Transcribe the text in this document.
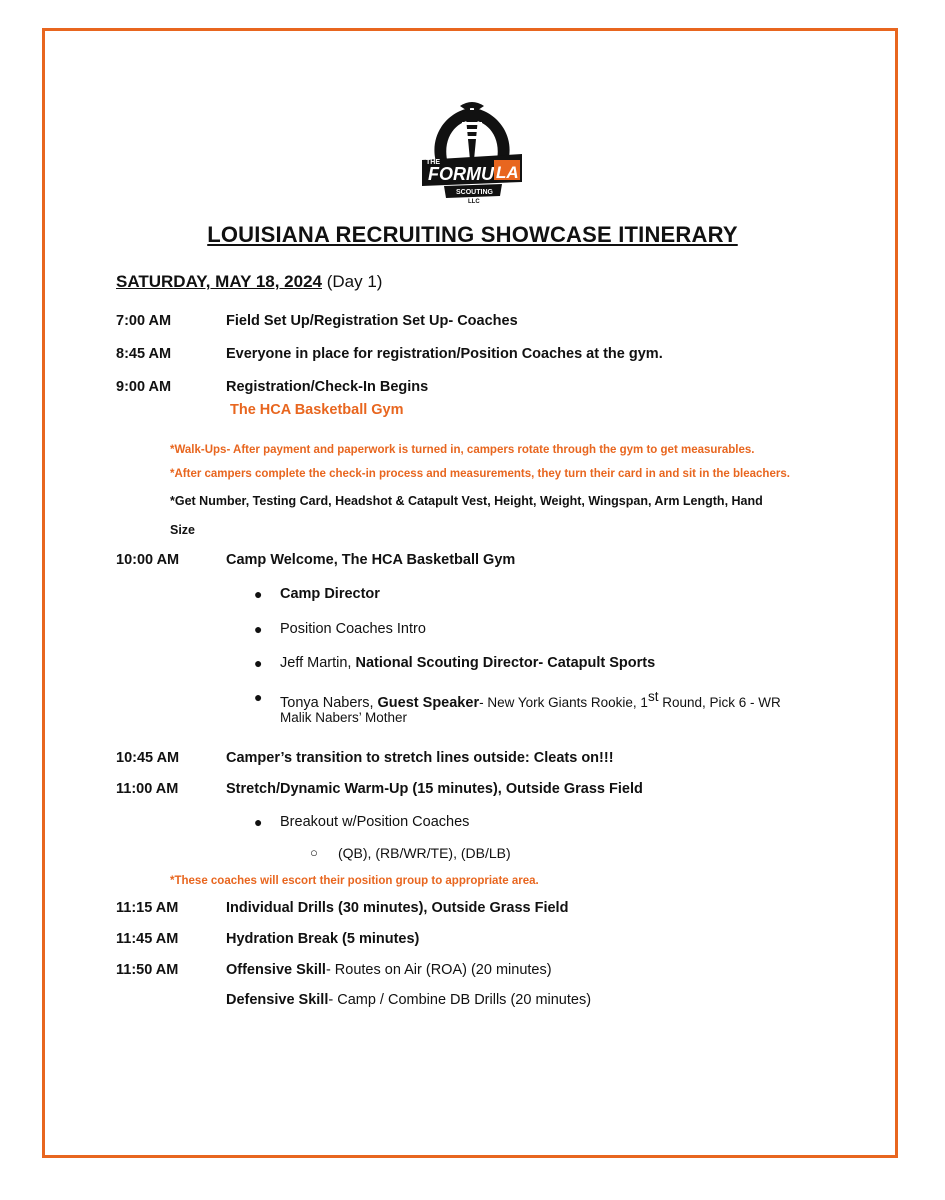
THE
FORMU LA
SCOUTING
LLC
LOUISIANA RECRUITING SHOWCASE ITINERARY
SATURDAY, MAY 18, 2024 (Day 1)
7:00 AM	Field Set Up/Registration Set Up- Coaches
8:45 AM	Everyone in place for registration/Position Coaches at the gym.
9:00 AM	Registration/Check-In Begins
The HCA Basketball Gym
*Walk-Ups- After payment and paperwork is turned in, campers rotate through the gym to get measurables.
*After campers complete the check-in process and measurements, they turn their card in and sit in the bleachers.
*Get Number, Testing Card, Headshot & Catapult Vest, Height, Weight, Wingspan, Arm Length, Hand
Size
10:00 AM	Camp Welcome, The HCA Basketball Gym
● Camp Director
● Position Coaches Intro
● Jeff Martin, National Scouting Director- Catapult Sports
● Tonya Nabers, Guest Speaker- New York Giants Rookie, 1st Round, Pick 6 - WR
Malik Nabers’ Mother
10:45 AM	Camper’s transition to stretch lines outside: Cleats on!!!
11:00 AM	Stretch/Dynamic Warm-Up (15 minutes), Outside Grass Field
● Breakout w/Position Coaches
○ (QB), (RB/WR/TE), (DB/LB)
*These coaches will escort their position group to appropriate area.
11:15 AM	Individual Drills (30 minutes), Outside Grass Field
11:45 AM	Hydration Break (5 minutes)
11:50 AM	Offensive Skill- Routes on Air (ROA) (20 minutes)
Defensive Skill- Camp / Combine DB Drills (20 minutes)
